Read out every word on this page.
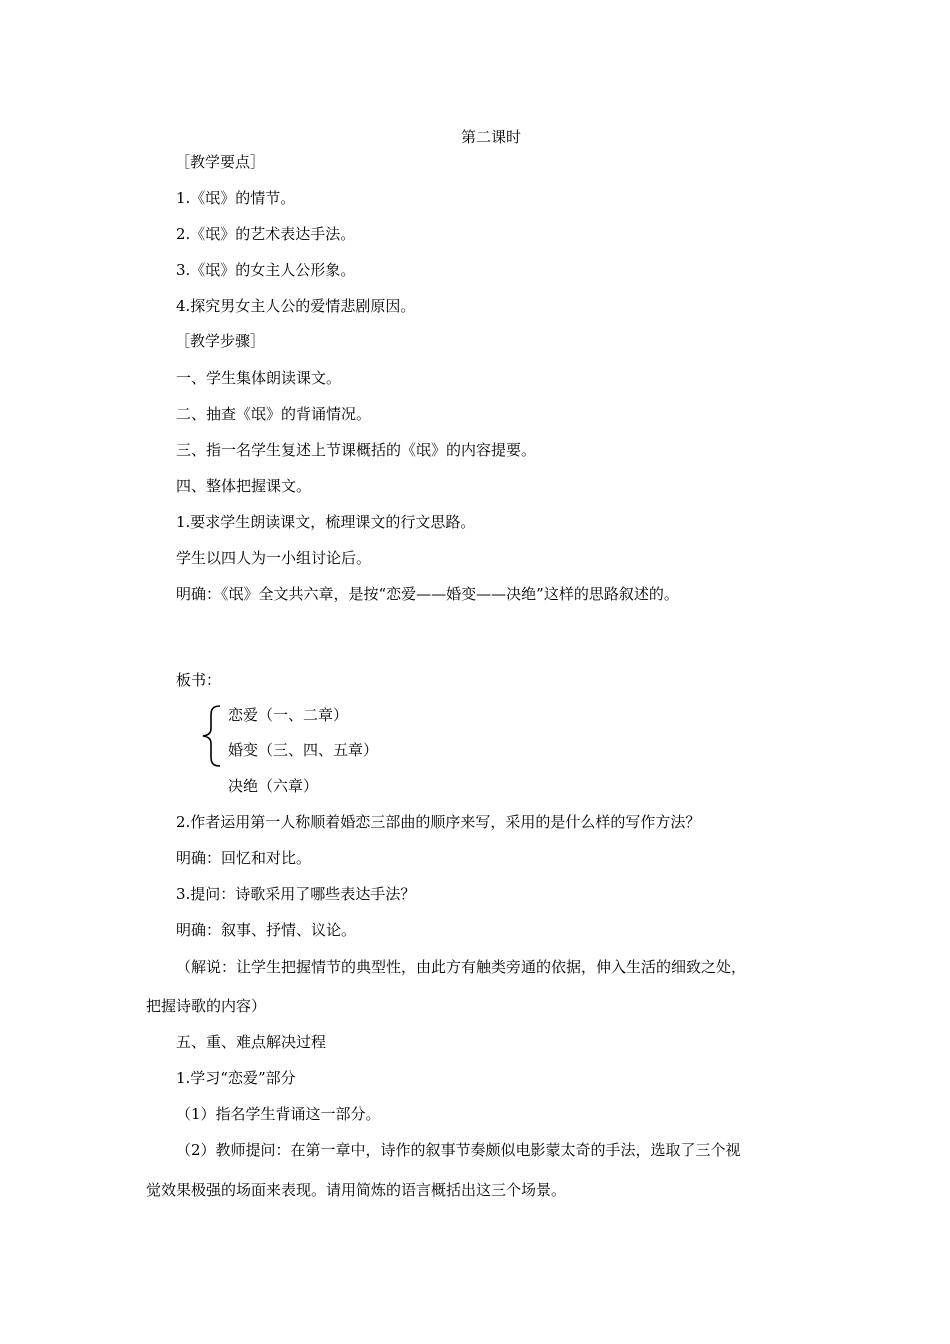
第二课时
［教学要点］
1.《氓》的情节。
2.《氓》的艺术表达手法。
3.《氓》的女主人公形象。
4.探究男女主人公的爱情悲剧原因。
［教学步骤］
一、学生集体朗读课文。
二、抽查《氓》的背诵情况。
三、指一名学生复述上节课概括的《氓》的内容提要。
四、整体把握课文。
1.要求学生朗读课文，梳理课文的行文思路。
学生以四人为一小组讨论后。
明确：《氓》全文共六章，是按“恋爱——婚变——决绝”这样的思路叙述的。
板书：
恋爱（一、二章）
婚变（三、四、五章）
决绝（六章）
2.作者运用第一人称顺着婚恋三部曲的顺序来写，采用的是什么样的写作方法？
明确：回忆和对比。
3.提问：诗歌采用了哪些表达手法？
明确：叙事、抒情、议论。
（解说：让学生把握情节的典型性，由此方有触类旁通的依据，伸入生活的细致之处，
把握诗歌的内容）
五、重、难点解决过程
1.学习“恋爱”部分
（1）指名学生背诵这一部分。
（2）教师提问：在第一章中，诗作的叙事节奏颇似电影蒙太奇的手法，选取了三个视
觉效果极强的场面来表现。请用简炼的语言概括出这三个场景。
